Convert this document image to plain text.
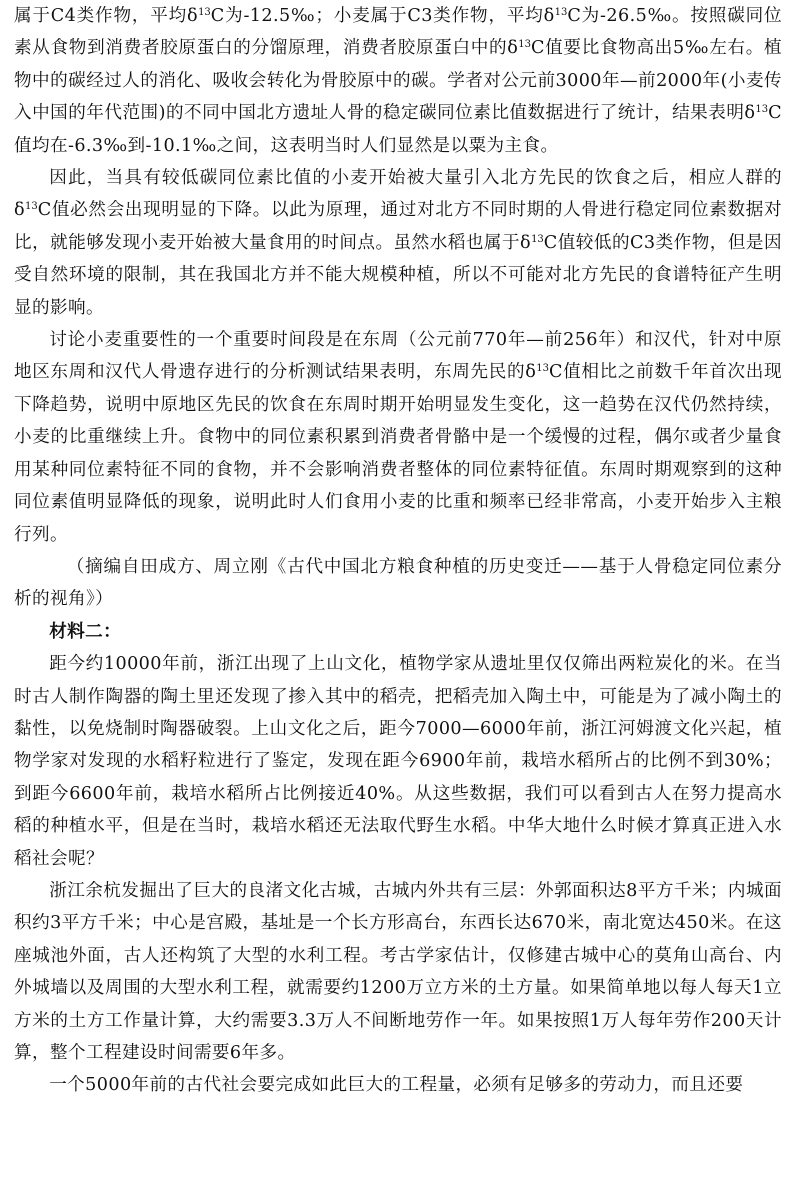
属于C4类作物，平均$\delta^{13}C$为-12.5‰；小麦属于C3类作物，平均$\delta^{13}C$为-26.5‰。按照碳同位素从食物到消费者胶原蛋白的分馏原理，消费者胶原蛋白中的$\delta^{13}C$值要比食物高出5‰左右。植物中的碳经过人的消化、吸收会转化为骨胶原中的碳。学者对公元前3000年—前2000年(小麦传入中国的年代范围)的不同中国北方遗址人骨的稳定碳同位素比值数据进行了统计，结果表明$\delta^{13}C$值均在-6.3‰到-10.1‰之间，这表明当时人们显然是以粟为主食。

因此，当具有较低碳同位素比值的小麦开始被大量引入北方先民的饮食之后，相应人群的$\delta^{13}C$值必然会出现明显的下降。以此为原理，通过对北方不同时期的人骨进行稳定同位素数据对比，就能够发现小麦开始被大量食用的时间点。虽然水稻也属于$\delta^{13}C$值较低的C3类作物，但是因受自然环境的限制，其在我国北方并不能大规模种植，所以不可能对北方先民的食谱特征产生明显的影响。

讨论小麦重要性的一个重要时间段是在东周（公元前770年—前256年）和汉代，针对中原地区东周和汉代人骨遗存进行的分析测试结果表明，东周先民的$\delta^{13}C$值相比之前数千年首次出现下降趋势，说明中原地区先民的饮食在东周时期开始明显发生变化，这一趋势在汉代仍然持续，小麦的比重继续上升。食物中的同位素积累到消费者骨骼中是一个缓慢的过程，偶尔或者少量食用某种同位素特征不同的食物，并不会影响消费者整体的同位素特征值。东周时期观察到的这种同位素值明显降低的现象，说明此时人们食用小麦的比重和频率已经非常高，小麦开始步入主粮行列。

（摘编自田成方、周立刚《古代中国北方粮食种植的历史变迁——基于人骨稳定同位素分析的视角》）

材料二：

距今约10000年前，浙江出现了上山文化，植物学家从遗址里仅仅筛出两粒炭化的米。在当时古人制作陶器的陶土里还发现了掺入其中的稻壳，把稻壳加入陶土中，可能是为了减小陶土的黏性，以免烧制时陶器破裂。上山文化之后，距今7000—6000年前，浙江河姆渡文化兴起，植物学家对发现的水稻籽粒进行了鉴定，发现在距今6900年前，栽培水稻所占的比例不到30%；到距今6600年前，栽培水稻所占比例接近40%。从这些数据，我们可以看到古人在努力提高水稻的种植水平，但是在当时，栽培水稻还无法取代野生水稻。中华大地什么时候才算真正进入水稻社会呢？

浙江余杭发掘出了巨大的良渚文化古城，古城内外共有三层：外郭面积达8平方千米；内城面积约3平方千米；中心是宫殿，基址是一个长方形高台，东西长达670米，南北宽达450米。在这座城池外面，古人还构筑了大型的水利工程。考古学家估计，仅修建古城中心的莫角山高台、内外城墙以及周围的大型水利工程，就需要约1200万立方米的土方量。如果简单地以每人每天1立方米的土方工作量计算，大约需要3.3万人不间断地劳作一年。如果按照1万人每年劳作200天计算，整个工程建设时间需要6年多。

一个5000年前的古代社会要完成如此巨大的工程量，必须有足够多的劳动力，而且还要
